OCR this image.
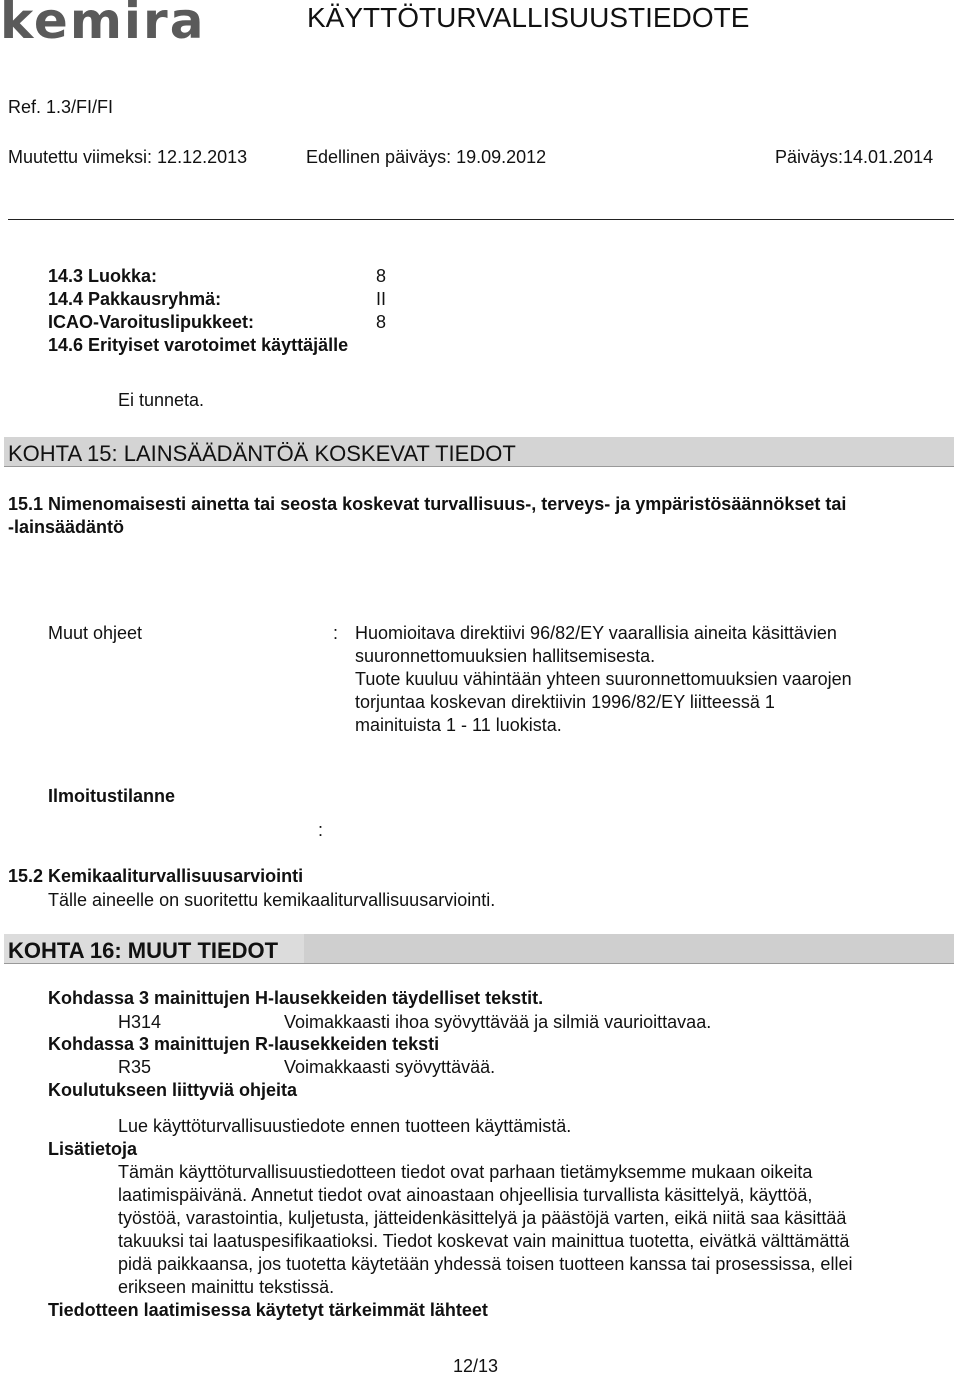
kemira	KÄYTTÖTURVALLISUUSTIEDOTE
Ref. 1.3/FI/FI
Muutettu viimeksi: 12.12.2013	Edellinen päiväys: 19.09.2012	Päiväys:14.01.2014
14.3 Luokka:	8
14.4 Pakkausryhmä:	II
ICAO-Varoituslipukkeet:	8
14.6 Erityiset varotoimet käyttäjälle
Ei tunneta.
KOHTA 15: LAINSÄÄDÄNTÖÄ KOSKEVAT TIEDOT
15.1 Nimenomaisesti ainetta tai seosta koskevat turvallisuus-, terveys- ja ympäristösäännökset tai
-lainsäädäntö
Muut ohjeet	: Huomioitava direktiivi 96/82/EY vaarallisia aineita käsittävien
suuronnettomuuksien hallitsemisesta.
Tuote kuuluu vähintään yhteen suuronnettomuuksien vaarojen
torjuntaa koskevan direktiivin 1996/82/EY liitteessä 1
mainituista 1 - 11 luokista.
Ilmoitustilanne
:
15.2 Kemikaaliturvallisuusarviointi
Tälle aineelle on suoritettu kemikaaliturvallisuusarviointi.
KOHTA 16: MUUT TIEDOT
Kohdassa 3 mainittujen H-lausekkeiden täydelliset tekstit.
H314	Voimakkaasti ihoa syövyttävää ja silmiä vaurioittavaa.
Kohdassa 3 mainittujen R-lausekkeiden teksti
R35	Voimakkaasti syövyttävää.
Koulutukseen liittyviä ohjeita
Lue käyttöturvallisuustiedote ennen tuotteen käyttämistä.
Lisätietoja
Tämän käyttöturvallisuustiedotteen tiedot ovat parhaan tietämyksemme mukaan oikeita
laatimispäivänä. Annetut tiedot ovat ainoastaan ohjeellisia turvallista käsittelyä, käyttöä,
työstöä, varastointia, kuljetusta, jätteidenkäsittelyä ja päästöjä varten, eikä niitä saa käsittää
takuuksi tai laatuspesifikaatioksi. Tiedot koskevat vain mainittua tuotetta, eivätkä välttämättä
pidä paikkaansa, jos tuotetta käytetään yhdessä toisen tuotteen kanssa tai prosessissa, ellei
erikseen mainittu tekstissä.
Tiedotteen laatimisessa käytetyt tärkeimmät lähteet
12/13
